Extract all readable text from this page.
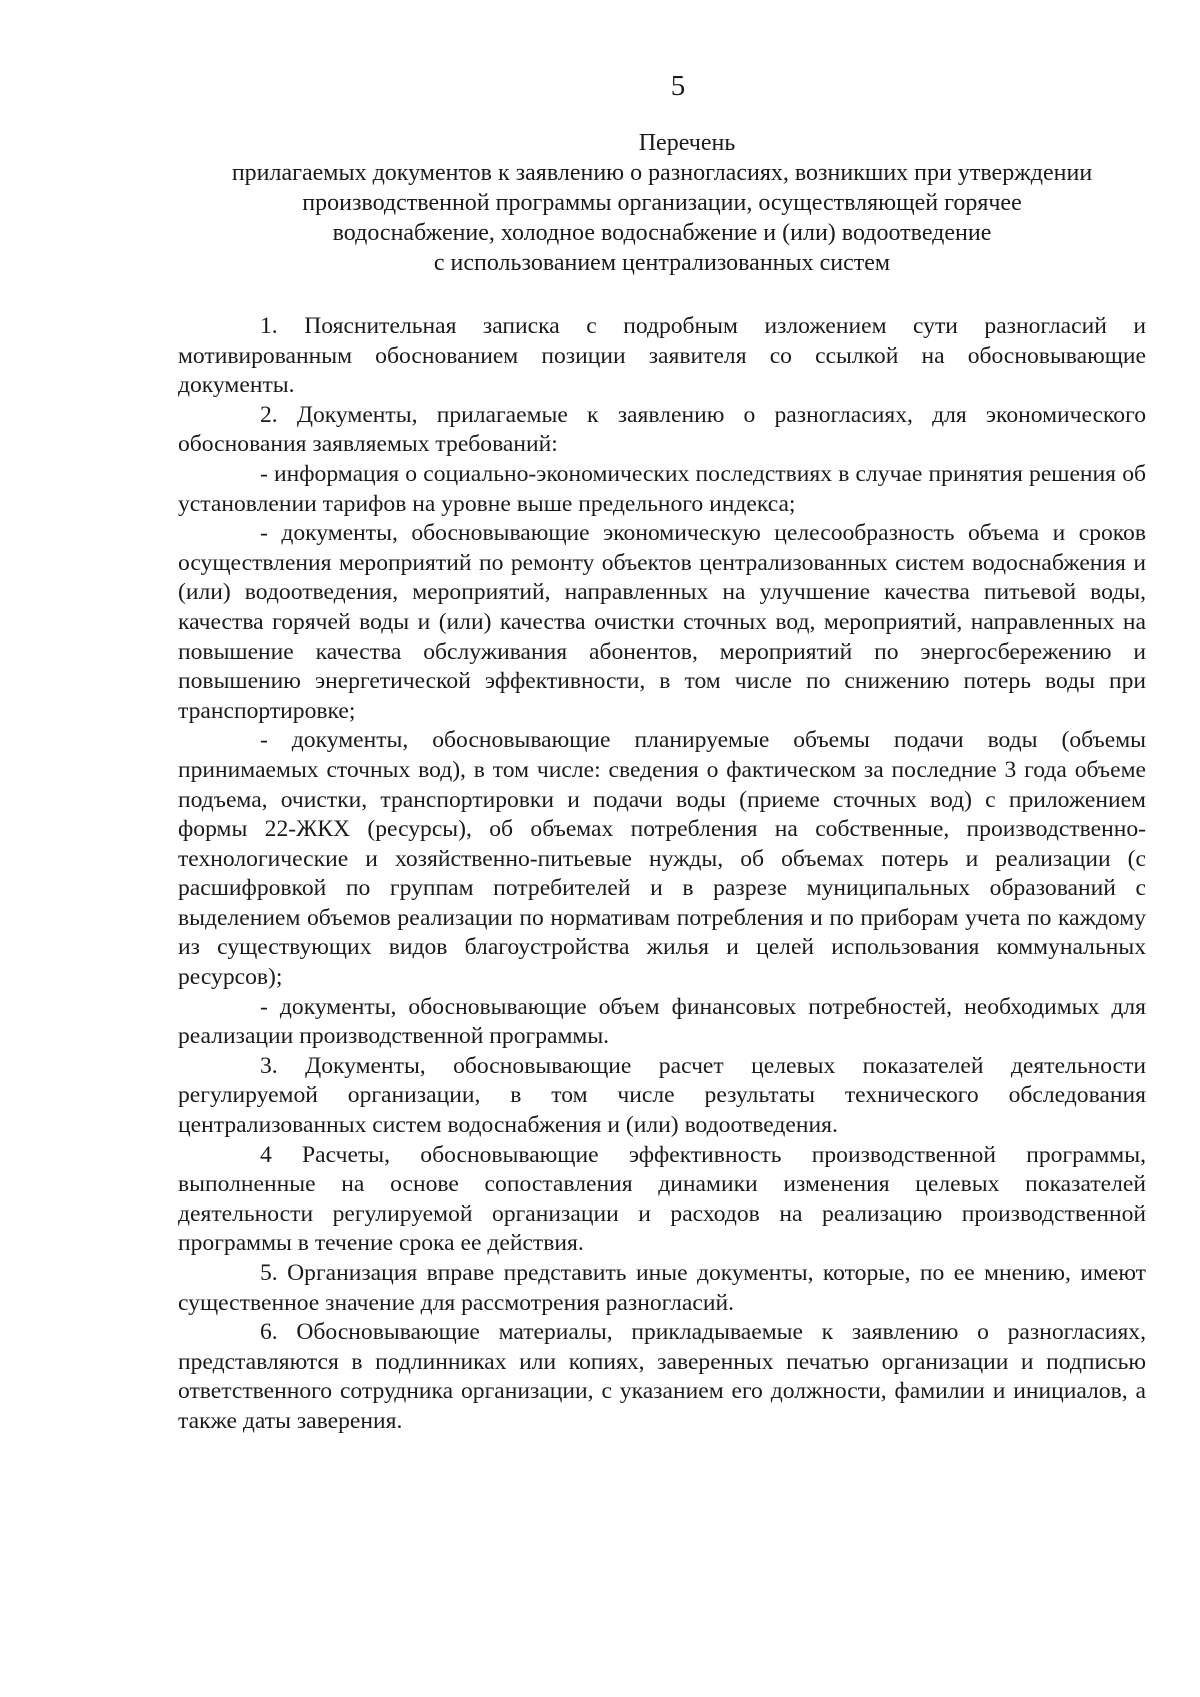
5
Перечень
прилагаемых документов к заявлению о разногласиях, возникших при утверждении
производственной программы организации, осуществляющей горячее
водоснабжение, холодное водоснабжение и (или) водоотведение
с использованием централизованных систем

1. Пояснительная записка с подробным изложением сути разногласий и мотивированным обоснованием позиции заявителя со ссылкой на обосновывающие документы.

2. Документы, прилагаемые к заявлению о разногласиях, для экономического обоснования заявляемых требований:

- информация о социально-экономических последствиях в случае принятия решения об установлении тарифов на уровне выше предельного индекса;

- документы, обосновывающие экономическую целесообразность объема и сроков осуществления мероприятий по ремонту объектов централизованных систем водоснабжения и (или) водоотведения, мероприятий, направленных на улучшение качества питьевой воды, качества горячей воды и (или) качества очистки сточных вод, мероприятий, направленных на повышение качества обслуживания абонентов, мероприятий по энергосбережению и повышению энергетической эффективности, в том числе по снижению потерь воды при транспортировке;

- документы, обосновывающие планируемые объемы подачи воды (объемы принимаемых сточных вод), в том числе: сведения о фактическом за последние 3 года объеме подъема, очистки, транспортировки и подачи воды (приеме сточных вод) с приложением формы 22-ЖКХ (ресурсы), об объемах потребления на собственные, производственно-технологические и хозяйственно-питьевые нужды, об объемах потерь и реализации (с расшифровкой по группам потребителей и в разрезе муниципальных образований с выделением объемов реализации по нормативам потребления и по приборам учета по каждому из существующих видов благоустройства жилья и целей использования коммунальных ресурсов);

- документы, обосновывающие объем финансовых потребностей, необходимых для реализации производственной программы.

3. Документы, обосновывающие расчет целевых показателей деятельности регулируемой организации, в том числе результаты технического обследования централизованных систем водоснабжения и (или) водоотведения.

4 Расчеты, обосновывающие эффективность производственной программы, выполненные на основе сопоставления динамики изменения целевых показателей деятельности регулируемой организации и расходов на реализацию производственной программы в течение срока ее действия.

5. Организация вправе представить иные документы, которые, по ее мнению, имеют существенное значение для рассмотрения разногласий.

6. Обосновывающие материалы, прикладываемые к заявлению о разногласиях, представляются в подлинниках или копиях, заверенных печатью организации и подписью ответственного сотрудника организации, с указанием его должности, фамилии и инициалов, а также даты заверения.
